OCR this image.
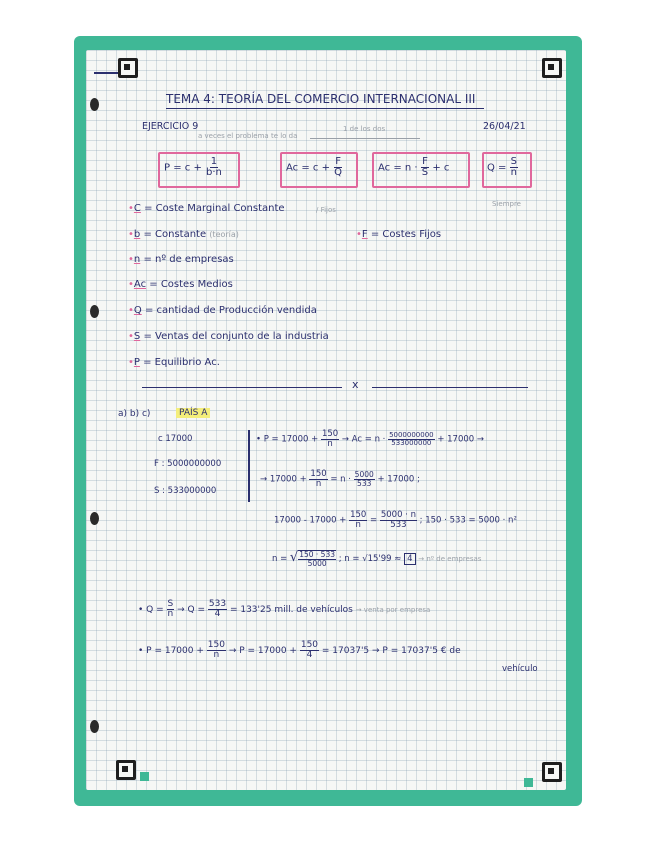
TEMA 4: TEORÍA DEL COMERCIO INTERNACIONAL III
EJERCICIO 9	26/04/21
a veces el problema te lo da
1 de los dos
$P = c + \frac{1}{b\cdot n}$	$Ac = c + \frac{F}{Q}$	$Ac = n \cdot \frac{F}{S} + c$	$Q = \frac{S}{n}$
Siempre
•C = Coste Marginal Constante	/ Fijos
•b = Constante (teoría)	•F = Costes Fijos
•n = nº de empresas
•Ac = Costes Medios
•Q = cantidad de Producción vendida
•S = Ventas del conjunto de la industria
•P = Equilibrio Ac.
x
a) b) c)	PAÍS A
c 17000
F : 5000000000
S : 533000000
• $P = 17000 + \frac{150}{n} \to Ac = n \cdot \frac{5000000000}{533000000} + 17000$ →
→ $17000 + \frac{150}{n} = n \cdot \frac{5000}{533} + 17000$ ;
$17000 - 17000 + \frac{150}{n} = \frac{5000 \cdot n}{533}$ ; 150 · 533 = 5000 · n²
n = √ $\frac{150 \cdot 533}{5000}$ ; n = √15'99 ≈ 4 → nº de empresas
• $Q = \frac{S}{n} \to Q = \frac{533}{4} = 133'25$ mill. de vehículos → venta por empresa
• $P = 17000 + \frac{150}{n} \to P = 17000 + \frac{150}{4} = 17037'5 \to P = 17037'5$ € de
vehículo
